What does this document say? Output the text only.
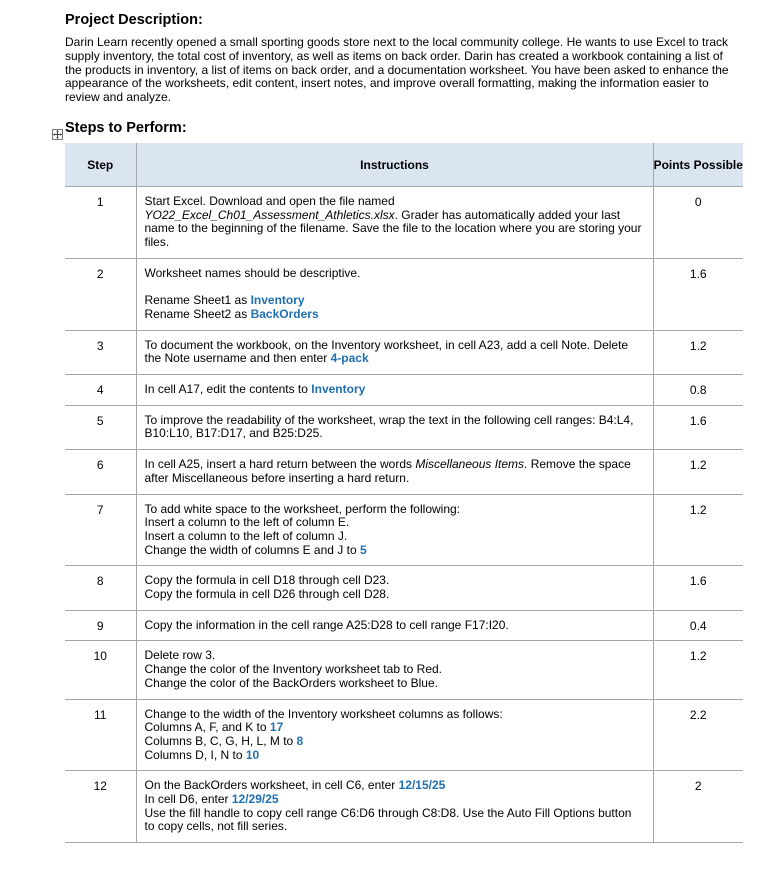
Project Description:

Darin Learn recently opened a small sporting goods store next to the local community college. He wants to use Excel to track supply inventory, the total cost of inventory, as well as items on back order. Darin has created a workbook containing a list of the products in inventory, a list of items on back order, and a documentation worksheet. You have been asked to enhance the appearance of the worksheets, edit content, insert notes, and improve overall formatting, making the information easier to review and analyze.

Steps to Perform:
Step	Instructions	Points Possible
1	Start Excel. Download and open the file named
YO22_Excel_Ch01_Assessment_Athletics.xlsx. Grader has automatically added your last name to the beginning of the filename. Save the file to the location where you are storing your files.	0
2	Worksheet names should be descriptive.
Rename Sheet1 as Inventory
Rename Sheet2 as BackOrders	1.6
3	To document the workbook, on the Inventory worksheet, in cell A23, add a cell Note. Delete the Note username and then enter 4-pack	1.2
4	In cell A17, edit the contents to Inventory	0.8
5	To improve the readability of the worksheet, wrap the text in the following cell ranges: B4:L4, B10:L10, B17:D17, and B25:D25.	1.6
6	In cell A25, insert a hard return between the words Miscellaneous Items. Remove the space after Miscellaneous before inserting a hard return.	1.2
7	To add white space to the worksheet, perform the following:
Insert a column to the left of column E.
Insert a column to the left of column J.
Change the width of columns E and J to 5	1.2
8	Copy the formula in cell D18 through cell D23.
Copy the formula in cell D26 through cell D28.	1.6
9	Copy the information in the cell range A25:D28 to cell range F17:I20.	0.4
10	Delete row 3.
Change the color of the Inventory worksheet tab to Red.
Change the color of the BackOrders worksheet to Blue.	1.2
11	Change to the width of the Inventory worksheet columns as follows:
Columns A, F, and K to 17
Columns B, C, G, H, L, M to 8
Columns D, I, N to 10	2.2
12	On the BackOrders worksheet, in cell C6, enter 12/15/25
In cell D6, enter 12/29/25
Use the fill handle to copy cell range C6:D6 through C8:D8. Use the Auto Fill Options button to copy cells, not fill series.	2
